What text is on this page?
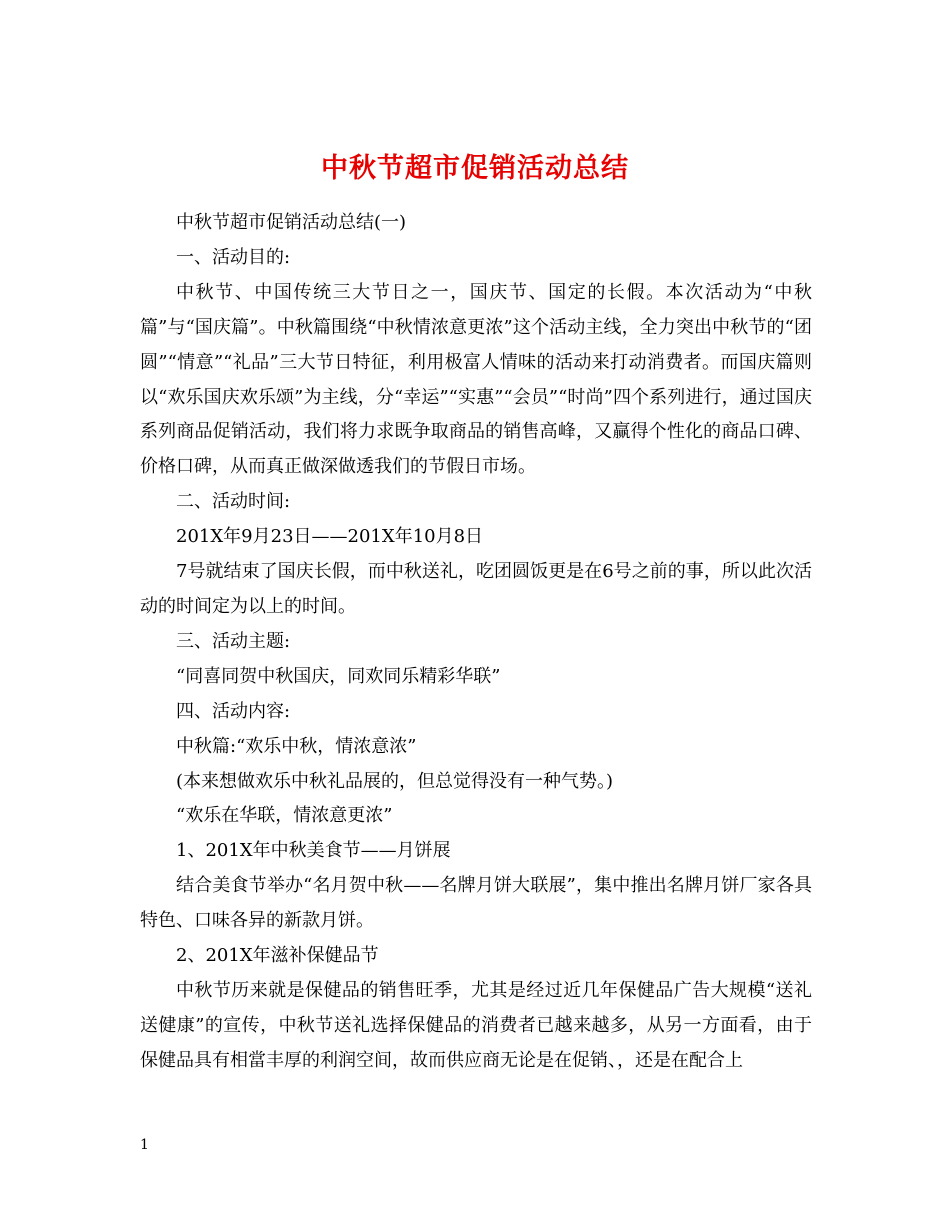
中秋节超市促销活动总结

中秋节超市促销活动总结(一)

一、活动目的:

中秋节、中国传统三大节日之一，国庆节、国定的长假。本次活动为“中秋篇”与“国庆篇”。中秋篇围绕“中秋情浓意更浓”这个活动主线，全力突出中秋节的“团圆”“情意”“礼品”三大节日特征，利用极富人情味的活动来打动消费者。而国庆篇则以“欢乐国庆欢乐颂”为主线，分“幸运”“实惠”“会员”“时尚”四个系列进行，通过国庆系列商品促销活动，我们将力求既争取商品的销售高峰，又赢得个性化的商品口碑、价格口碑，从而真正做深做透我们的节假日市场。

二、活动时间:

201X年9月23日——201X年10月8日

7号就结束了国庆长假，而中秋送礼，吃团圆饭更是在6号之前的事，所以此次活动的时间定为以上的时间。

三、活动主题:

“同喜同贺中秋国庆，同欢同乐精彩华联”

四、活动内容:

中秋篇:“欢乐中秋，情浓意浓”

(本来想做欢乐中秋礼品展的，但总觉得没有一种气势。)

“欢乐在华联，情浓意更浓”

1、201X年中秋美食节——月饼展

结合美食节举办“名月贺中秋——名牌月饼大联展”，集中推出名牌月饼厂家各具特色、口味各异的新款月饼。

2、201X年滋补保健品节

中秋节历来就是保健品的销售旺季，尤其是经过近几年保健品广告大规模“送礼送健康”的宣传，中秋节送礼选择保健品的消费者已越来越多，从另一方面看，由于保健品具有相當丰厚的利润空间，故而供应商无论是在促销、，还是在配合上

1
